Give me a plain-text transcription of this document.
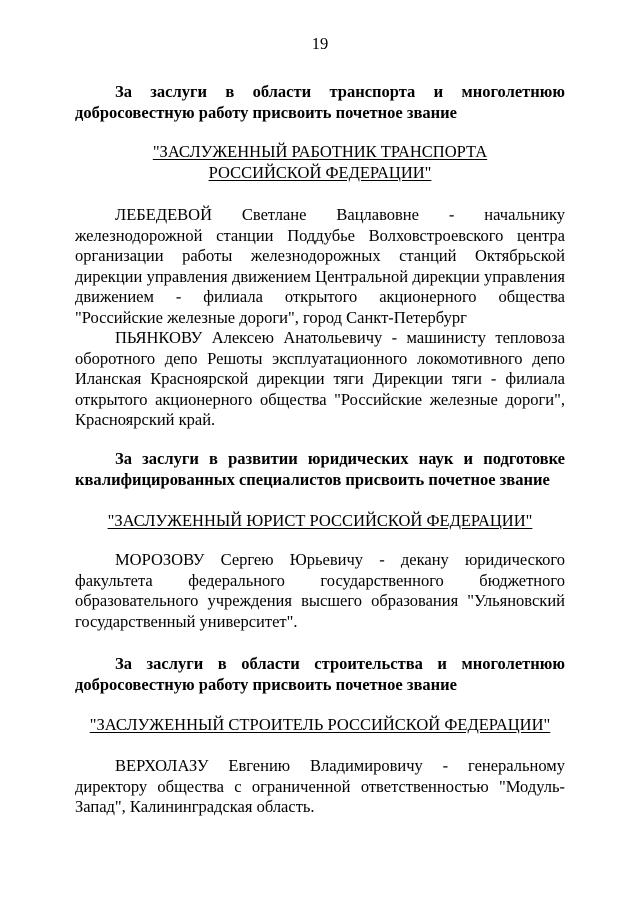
19

За заслуги в области транспорта и многолетнюю добросовестную работу присвоить почетное звание

"ЗАСЛУЖЕННЫЙ РАБОТНИК ТРАНСПОРТА
РОССИЙСКОЙ ФЕДЕРАЦИИ"

ЛЕБЕДЕВОЙ Светлане Вацлавовне - начальнику железнодорожной станции Поддубье Волховстроевского центра организации работы железнодорожных станций Октябрьской дирекции управления движением Центральной дирекции управления движением - филиала открытого акционерного общества "Российские железные дороги", город Санкт-Петербург

ПЬЯНКОВУ Алексею Анатольевичу - машинисту тепловоза оборотного депо Решоты эксплуатационного локомотивного депо Иланская Красноярской дирекции тяги Дирекции тяги - филиала открытого акционерного общества "Российские железные дороги", Красноярский край.

За заслуги в развитии юридических наук и подготовке квалифицированных специалистов присвоить почетное звание

"ЗАСЛУЖЕННЫЙ ЮРИСТ РОССИЙСКОЙ ФЕДЕРАЦИИ"

МОРОЗОВУ Сергею Юрьевичу - декану юридического факультета федерального государственного бюджетного образовательного учреждения высшего образования "Ульяновский государственный университет".

За заслуги в области строительства и многолетнюю добросовестную работу присвоить почетное звание

"ЗАСЛУЖЕННЫЙ СТРОИТЕЛЬ РОССИЙСКОЙ ФЕДЕРАЦИИ"

ВЕРХОЛАЗУ Евгению Владимировичу - генеральному директору общества с ограниченной ответственностью "Модуль-Запад", Калининградская область.
